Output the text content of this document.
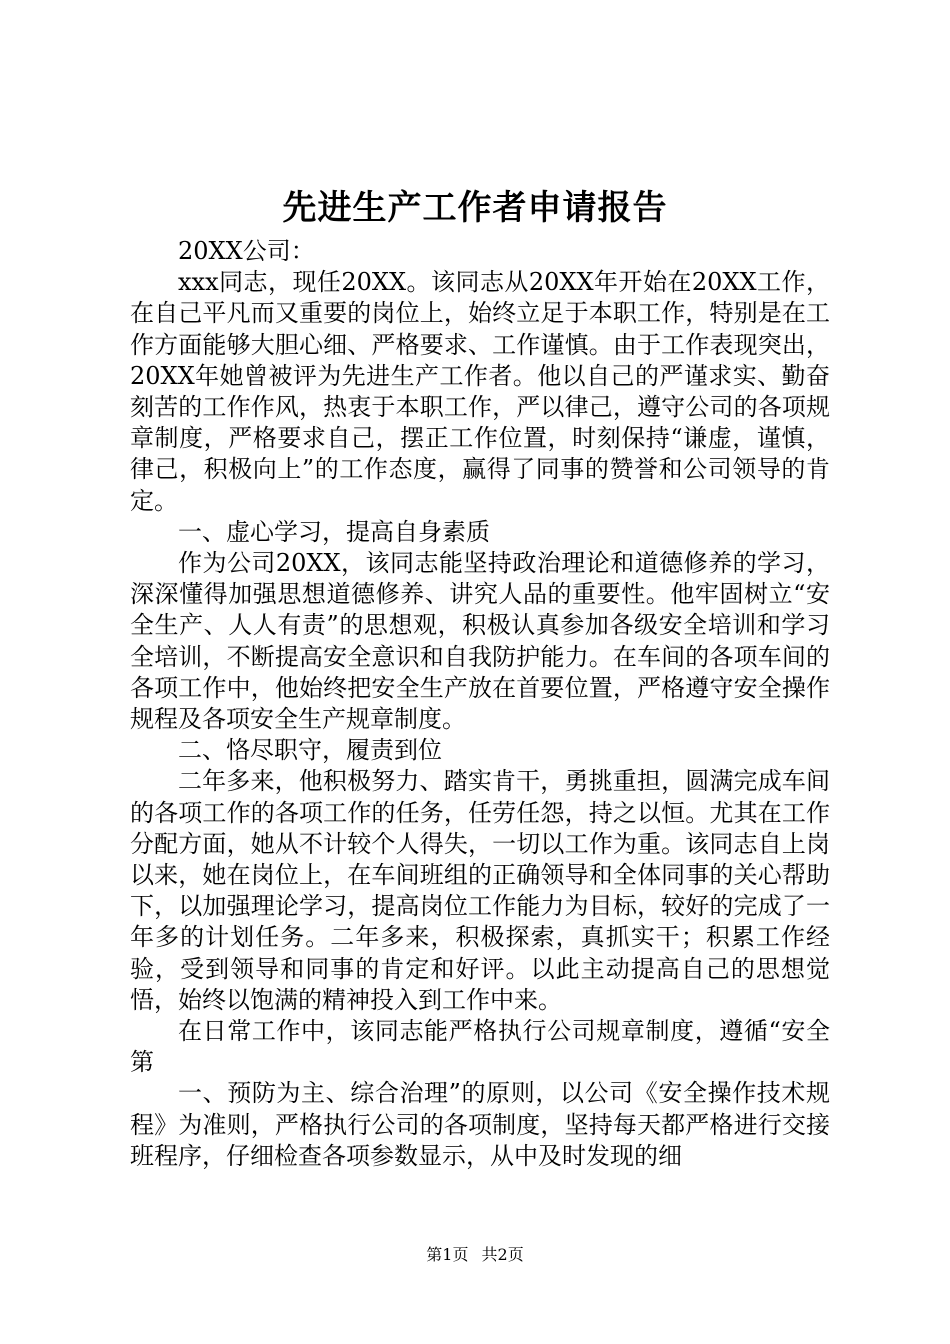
先进生产工作者申请报告

20XX公司：

xxx同志，现任20XX。该同志从20XX年开始在20XX工作，在自己平凡而又重要的岗位上，始终立足于本职工作，特别是在工作方面能够大胆心细、严格要求、工作谨慎。由于工作表现突出，20XX年她曾被评为先进生产工作者。他以自己的严谨求实、勤奋刻苦的工作作风，热衷于本职工作，严以律己，遵守公司的各项规章制度，严格要求自己，摆正工作位置，时刻保持“谦虚，谨慎，律己，积极向上”的工作态度，赢得了同事的赞誉和公司领导的肯定。

一、虚心学习，提高自身素质

作为公司20XX，该同志能坚持政治理论和道德修养的学习，深深懂得加强思想道德修养、讲究人品的重要性。他牢固树立“安全生产、人人有责”的思想观，积极认真参加各级安全培训和学习全培训，不断提高安全意识和自我防护能力。在车间的各项车间的各项工作中，他始终把安全生产放在首要位置，严格遵守安全操作规程及各项安全生产规章制度。

二、恪尽职守，履责到位

二年多来，他积极努力、踏实肯干，勇挑重担，圆满完成车间的各项工作的各项工作的任务，任劳任怨，持之以恒。尤其在工作分配方面，她从不计较个人得失，一切以工作为重。该同志自上岗以来，她在岗位上，在车间班组的正确领导和全体同事的关心帮助下，以加强理论学习，提高岗位工作能力为目标，较好的完成了一年多的计划任务。二年多来，积极探索，真抓实干；积累工作经验，受到领导和同事的肯定和好评。以此主动提高自己的思想觉悟，始终以饱满的精神投入到工作中来。

在日常工作中，该同志能严格执行公司规章制度，遵循“安全第

一、预防为主、综合治理”的原则，以公司《安全操作技术规程》为准则，严格执行公司的各项制度，坚持每天都严格进行交接班程序，仔细检查各项参数显示，从中及时发现的细

第1页 共2页
